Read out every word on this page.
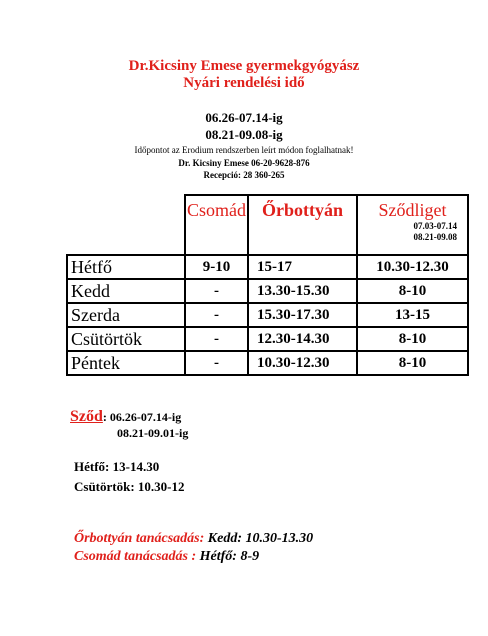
Dr.Kicsiny Emese gyermekgyógyász
Nyári rendelési idő
06.26-07.14-ig
08.21-09.08-ig
Időpontot az Erodium rendszerben leírt módon foglalhatnak!
Dr. Kicsiny Emese 06-20-9628-876
Recepció: 28 360-265
	Csomád	Őrbottyán	Sződliget
07.03-07.14
08.21-09.08

Hétfő	9-10	15-17	10.30-12.30
Kedd	-	13.30-15.30	8-10
Szerda	-	15.30-17.30	13-15
Csütörtök	-	12.30-14.30	8-10
Péntek	-	10.30-12.30	8-10
Sződ: 06.26-07.14-ig
08.21-09.01-ig
Hétfő: 13-14.30
Csütörtök: 10.30-12
Őrbottyán tanácsadás: Kedd: 10.30-13.30
Csomád tanácsadás : Hétfő: 8-9
